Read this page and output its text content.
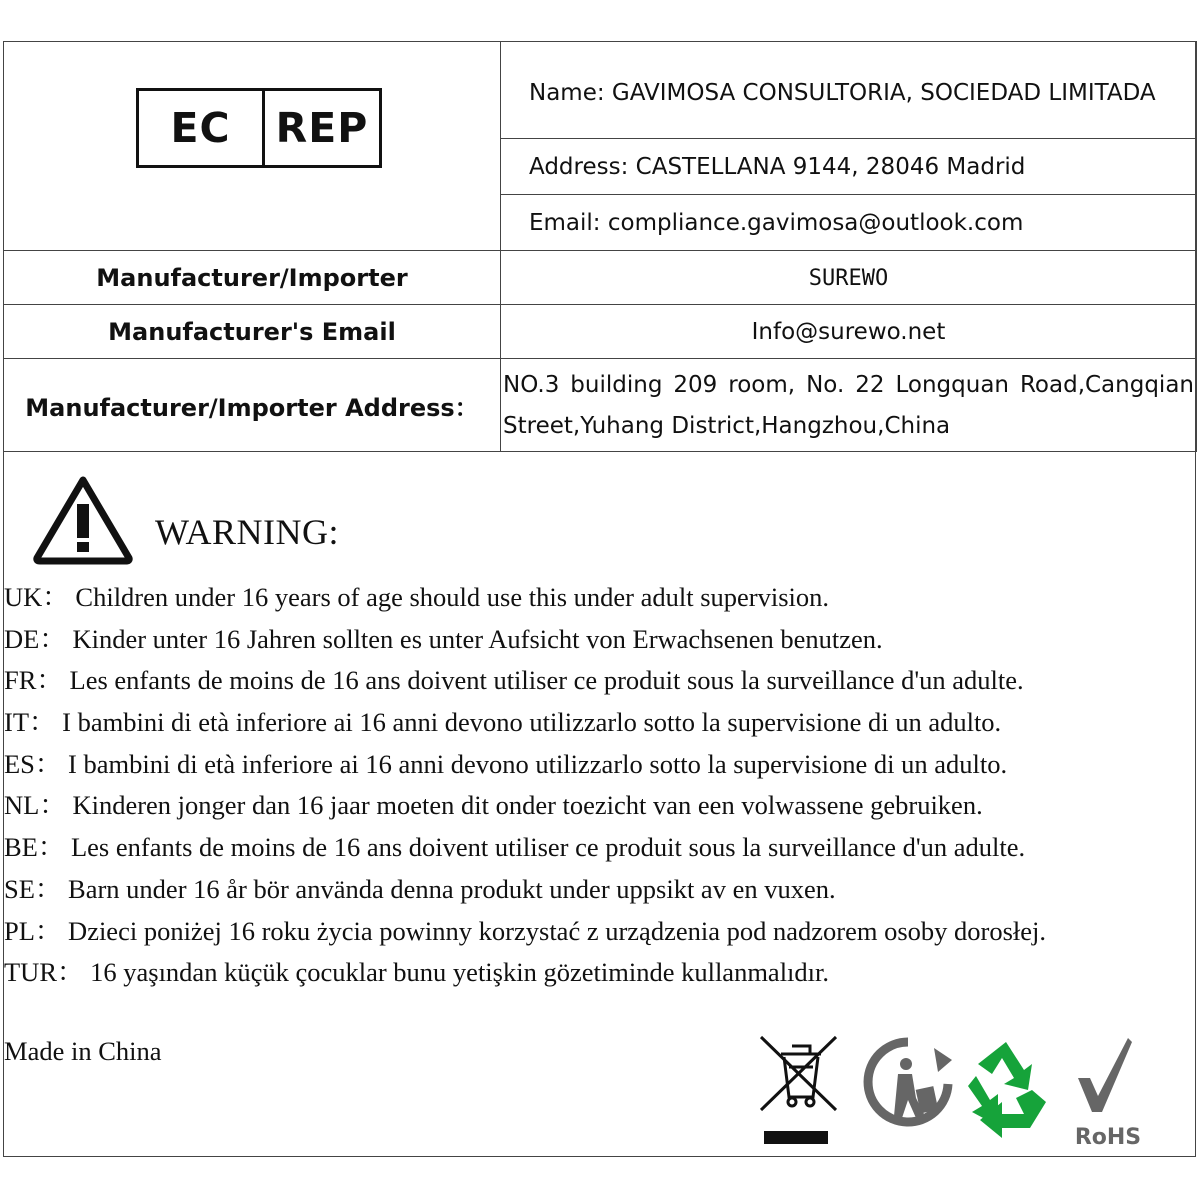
EC REP	Name: GAVIMOSA CONSULTORIA, SOCIEDAD LIMITADA
	Address: CASTELLANA 9144, 28046 Madrid
	Email: compliance.gavimosa@outlook.com
Manufacturer/Importer	SUREWO
Manufacturer's Email	Info@surewo.net
Manufacturer/Importer Address：	NO.3 building 209 room, No. 22 Longquan Road,Cangqian
Street,Yuhang District,Hangzhou,China
WARNING:
UK： Children under 16 years of age should use this under adult supervision.
DE： Kinder unter 16 Jahren sollten es unter Aufsicht von Erwachsenen benutzen.
FR： Les enfants de moins de 16 ans doivent utiliser ce produit sous la surveillance d'un adulte.
IT： I bambini di età inferiore ai 16 anni devono utilizzarlo sotto la supervisione di un adulto.
ES： I bambini di età inferiore ai 16 anni devono utilizzarlo sotto la supervisione di un adulto.
NL： Kinderen jonger dan 16 jaar moeten dit onder toezicht van een volwassene gebruiken.
BE： Les enfants de moins de 16 ans doivent utiliser ce produit sous la surveillance d'un adulte.
SE： Barn under 16 år bör använda denna produkt under uppsikt av en vuxen.
PL： Dzieci poniżej 16 roku życia powinny korzystać z urządzenia pod nadzorem osoby dorosłej.
TUR： 16 yaşından küçük çocuklar bunu yetişkin gözetiminde kullanmalıdır.
Made in China
RoHS
